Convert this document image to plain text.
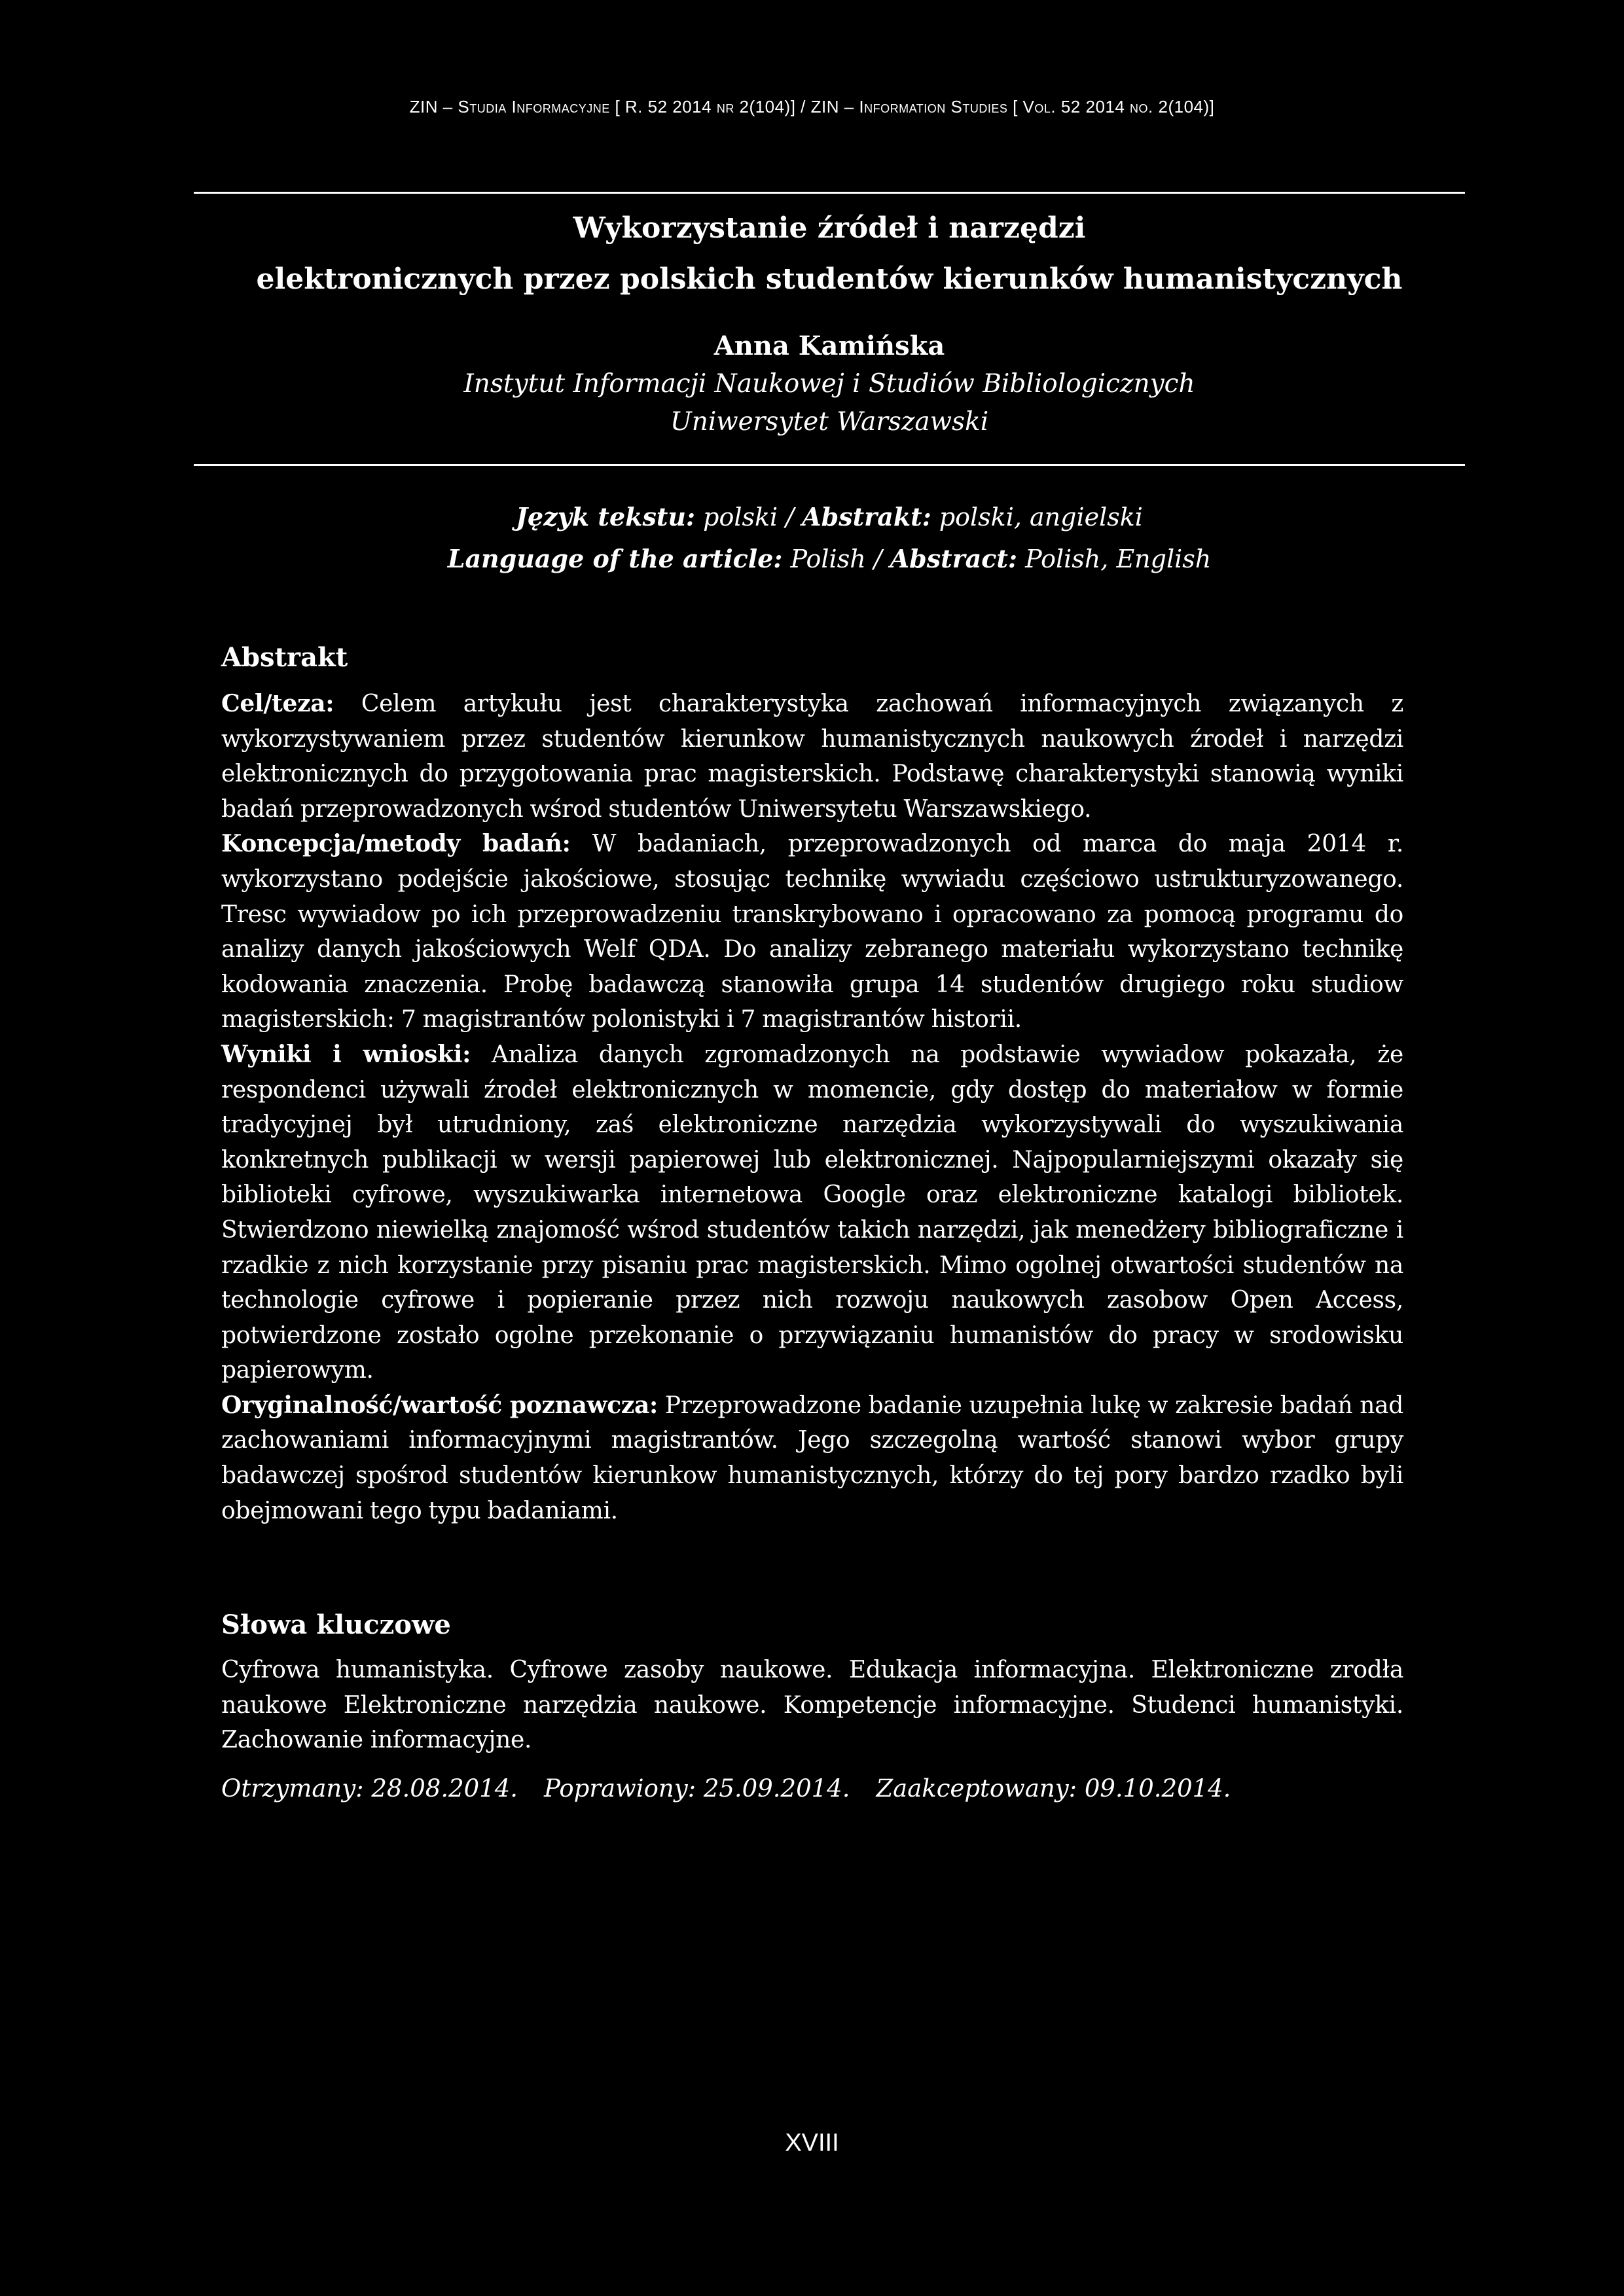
ZIN – Studia Informacyjne [ R. 52 2014 nr 2(104)] / ZIN – Information Studies [ Vol. 52 2014 no. 2(104)]
Wykorzystanie źródeł i narzędzi
elektronicznych przez polskich studentów kierunków humanistycznych
Anna Kamińska
Instytut Informacji Naukowej i Studiów Bibliologicznych
Uniwersytet Warszawski
Język tekstu: polski / Abstrakt: polski, angielski
Language of the article: Polish / Abstract: Polish, English
Abstrakt

Cel/teza: Celem artykułu jest charakterystyka zachowań informacyjnych związanych z wykorzystywaniem przez studentów kierunkow humanistycznych naukowych źrodeł i narzędzi elektronicznych do przygotowania prac magisterskich. Podstawę charakterystyki stanowią wyniki badań przeprowadzonych wśrod studentów Uniwersytetu Warszawskiego.

Koncepcja/metody badań: W badaniach, przeprowadzonych od marca do maja 2014 r. wykorzystano podejście jakościowe, stosując technikę wywiadu częściowo ustrukturyzowanego. Tresc wywiadow po ich przeprowadzeniu transkrybowano i opracowano za pomocą programu do analizy danych jakościowych Welf QDA. Do analizy zebranego materiału wykorzystano technikę kodowania znaczenia. Probę badawczą stanowiła grupa 14 studentów drugiego roku studiow magisterskich: 7 magistrantów polonistyki i 7 magistrantów historii.

Wyniki i wnioski: Analiza danych zgromadzonych na podstawie wywiadow pokazała, że respondenci używali źrodeł elektronicznych w momencie, gdy dostęp do materiałow w formie tradycyjnej był utrudniony, zaś elektroniczne narzędzia wykorzystywali do wyszukiwania konkretnych publikacji w wersji papierowej lub elektronicznej. Najpopularniejszymi okazały się biblioteki cyfrowe, wyszukiwarka internetowa Google oraz elektroniczne katalogi bibliotek. Stwierdzono niewielką znajomość wśrod studentów takich narzędzi, jak menedżery bibliograficzne i rzadkie z nich korzystanie przy pisaniu prac magisterskich. Mimo ogolnej otwartości studentów na technologie cyfrowe i popieranie przez nich rozwoju naukowych zasobow Open Access, potwierdzone zostało ogolne przekonanie o przywiązaniu humanistów do pracy w srodowisku papierowym.

Oryginalność/wartość poznawcza: Przeprowadzone badanie uzupełnia lukę w zakresie badań nad zachowaniami informacyjnymi magistrantów. Jego szczegolną wartość stanowi wybor grupy badawczej spośrod studentów kierunkow humanistycznych, którzy do tej pory bardzo rzadko byli obejmowani tego typu badaniami.

Słowa kluczowe

Cyfrowa humanistyka. Cyfrowe zasoby naukowe. Edukacja informacyjna. Elektroniczne zrodła naukowe Elektroniczne narzędzia naukowe. Kompetencje informacyjne. Studenci humanistyki. Zachowanie informacyjne.

Otrzymany: 28.08.2014. Poprawiony: 25.09.2014. Zaakceptowany: 09.10.2014.
XVIII
